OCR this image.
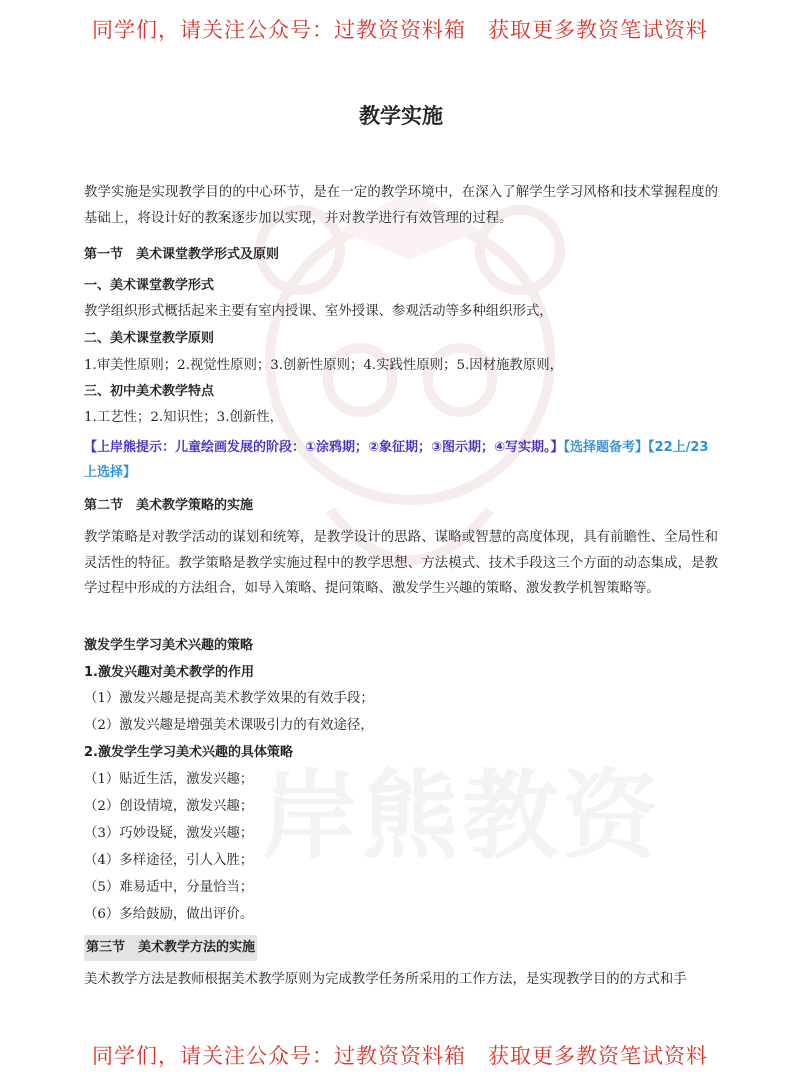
同学们，请关注公众号：过教资资料箱 获取更多教资笔试资料
岸熊教资
教学实施
教学实施是实现教学目的的中心环节，是在一定的教学环境中，在深入了解学生学习风格和技术掌握程度的基础上，将设计好的教案逐步加以实现，并对教学进行有效管理的过程。
第一节　美术课堂教学形式及原则
一、美术课堂教学形式
教学组织形式概括起来主要有室内授课、室外授课、参观活动等多种组织形式，
二、美术课堂教学原则
1.审美性原则；2.视觉性原则；3.创新性原则；4.实践性原则；5.因材施教原则，
三、初中美术教学特点
1.工艺性；2.知识性；3.创新性，
【上岸熊提示：儿童绘画发展的阶段：①涂鸦期；②象征期；③图示期；④写实期。】【选择题备考】【22上/23上选择】
第二节　美术教学策略的实施
教学策略是对教学活动的谋划和统筹，是教学设计的思路、谋略或智慧的高度体现，具有前瞻性、全局性和灵活性的特征。教学策略是教学实施过程中的教学思想、方法模式、技术手段这三个方面的动态集成，是教学过程中形成的方法组合，如导入策略、提问策略、激发学生兴趣的策略、激发教学机智策略等。
激发学生学习美术兴趣的策略
1.激发兴趣对美术教学的作用
（1）激发兴趣是提高美术教学效果的有效手段；
（2）激发兴趣是增强美术课吸引力的有效途径，
2.激发学生学习美术兴趣的具体策略
（1）贴近生活，激发兴趣；
（2）创设情境，激发兴趣；
（3）巧妙设疑，激发兴趣；
（4）多样途径，引人入胜；
（5）难易适中，分量恰当；
（6）多给鼓励，做出评价。
第三节　美术教学方法的实施
美术教学方法是教师根据美术教学原则为完成教学任务所采用的工作方法，是实现教学目的的方式和手
同学们，请关注公众号：过教资资料箱 获取更多教资笔试资料
